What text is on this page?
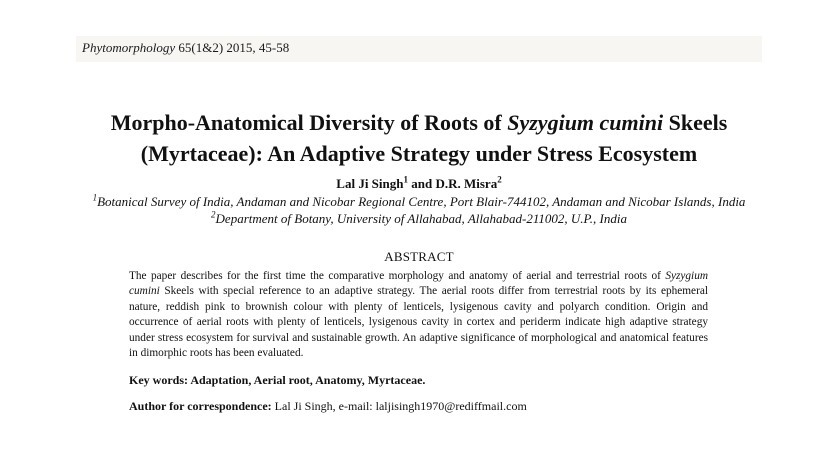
Phytomorphology 65(1&2) 2015, 45-58
Morpho-Anatomical Diversity of Roots of Syzygium cumini Skeels
(Myrtaceae): An Adaptive Strategy under Stress Ecosystem
Lal Ji Singh$^1$ and D.R. Misra$^2$
$^1$Botanical Survey of India, Andaman and Nicobar Regional Centre, Port Blair-744102, Andaman and Nicobar Islands, India
$^2$Department of Botany, University of Allahabad, Allahabad-211002, U.P., India
ABSTRACT
The paper describes for the first time the comparative morphology and anatomy of aerial and terrestrial roots of Syzygium cumini Skeels with special reference to an adaptive strategy. The aerial roots differ from terrestrial roots by its ephemeral nature, reddish pink to brownish colour with plenty of lenticels, lysigenous cavity and polyarch condition. Origin and occurrence of aerial roots with plenty of lenticels, lysigenous cavity in cortex and periderm indicate high adaptive strategy under stress ecosystem for survival and sustainable growth. An adaptive significance of morphological and anatomical features in dimorphic roots has been evaluated.
Key words: Adaptation, Aerial root, Anatomy, Myrtaceae.
Author for correspondence: Lal Ji Singh, e-mail: laljisingh1970@rediffmail.com
